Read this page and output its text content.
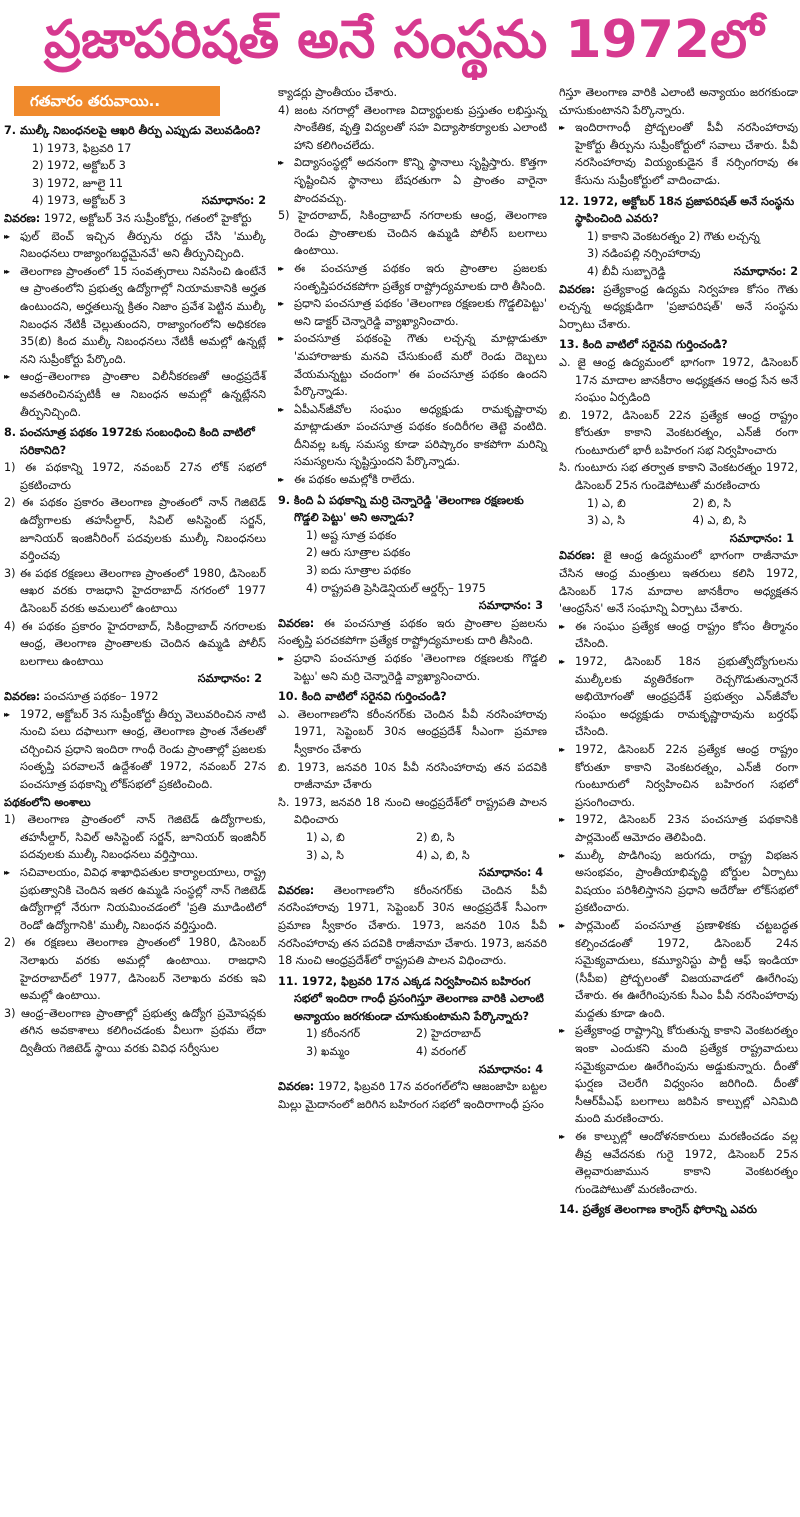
ప్రజాపరిషత్ అనే సంస్థను 1972లో
గతవారం తరువాయి..
7. ముల్కీ నిబంధనలపై ఆఖరి తీర్పు ఎప్పుడు వెలువడింది?
1) 1973, ఫిబ్రవరి 17
2) 1972, అక్టోబర్ 3
3) 1972, జూలై 11
4) 1973, అక్టోబర్ 3	సమాధానం: 2
వివరణ: 1972, అక్టోబర్ 3న సుప్రీంకోర్టు, గతంలో హైకోర్టు
▸▸ ఫుల్ బెంచ్ ఇచ్చిన తీర్పును రద్దు చేసి 'ముల్కీ నిబంధనలు రాజ్యాంగబద్ధమైనవే' అని తీర్పునిచ్చింది.
▸▸ తెలంగాణ ప్రాంతంలో 15 సంవత్సరాలు నివసించి ఉంటేనే ఆ ప్రాంతంలోని ప్రభుత్వ ఉద్యోగాల్లో నియామకానికి అర్హత ఉంటుందని, అర్హతలున్న క్రితం నిజాం ప్రవేశ పెట్టిన ముల్కీ నిబంధన నేటికీ చెల్లుతుందని, రాజ్యాంగంలోని అధికరణ 35(బి) కింద ముల్కీ నిబంధనలు నేటికీ అమల్లో ఉన్నట్లే నని సుప్రీంకోర్టు పేర్కొంది.
▸▸ ఆంధ్ర–తెలంగాణ ప్రాంతాల విలీనీకరణతో ఆంధ్రప్రదేశ్ అవతరించినప్పటికీ ఆ నిబంధన అమల్లో ఉన్నట్లేనని తీర్పునిచ్చింది.
8. పంచసూత్ర పథకం 1972కు సంబంధించి కింది వాటిలో సరికానిది?
1) ఈ పథకాన్ని 1972, నవంబర్ 27న లోక్ సభలో ప్రకటించారు
2) ఈ పథకం ప్రకారం తెలంగాణ ప్రాంతంలో నాన్ గెజిటెడ్ ఉద్యోగాలకు తహసీల్దార్, సివిల్ అసిస్టెంట్ సర్జన్, జూనియర్ ఇంజినీరింగ్ పదవులకు ముల్కీ నిబంధనలు వర్తించవు
3) ఈ పథక రక్షణలు తెలంగాణ ప్రాంతంలో 1980, డిసెంబర్ ఆఖర వరకు రాజధాని హైదరాబాద్ నగరంలో 1977 డిసెంబర్ వరకు అమలులో ఉంటాయి
4) ఈ పథకం ప్రకారం హైదరాబాద్, సికింద్రాబాద్ నగరాలకు ఆంధ్ర, తెలంగాణ ప్రాంతాలకు చెందిన ఉమ్మడి పోలీస్ బలగాలు ఉంటాయి
సమాధానం: 2
వివరణ: పంచసూత్ర పథకం– 1972
▸▸ 1972, అక్టోబర్ 3న సుప్రీంకోర్టు తీర్పు వెలువరించిన నాటి నుంచి పలు దఫాలుగా ఆంధ్ర, తెలంగాణ ప్రాంత నేతలతో చర్చించిన ప్రధాని ఇందిరా గాంధీ రెండు ప్రాంతాల్లో ప్రజలకు సంతృప్తి పరవాలనే ఉద్దేశంతో 1972, నవంబర్ 27న పంచసూత్ర పథకాన్ని లోక్‌సభలో ప్రకటించింది.
పథకంలోని అంశాలు
1) తెలంగాణ ప్రాంతంలో నాన్ గెజిటెడ్ ఉద్యోగాలకు, తహసీల్దార్, సివిల్ అసిస్టెంట్ సర్జన్, జూనియర్ ఇంజినీర్ పదవులకు ముల్కీ నిబంధనలు వర్తిస్తాయి.
▸▸ సచివాలయం, వివిధ శాఖాధిపతుల కార్యాలయాలు, రాష్ట్ర ప్రభుత్వానికి చెందిన ఇతర ఉమ్మడి సంస్థల్లో నాన్ గెజిటెడ్ ఉద్యోగాల్లో నేరుగా నియమించడంలో 'ప్రతి మూడింటిలో రెండో ఉద్యోగానికి' ముల్కీ నిబంధన వర్తిస్తుంది.
2) ఈ రక్షణలు తెలంగాణ ప్రాంతంలో 1980, డిసెంబర్ నెలాఖరు వరకు అమల్లో ఉంటాయి. రాజధాని హైదరాబాద్‌లో 1977, డిసెంబర్ నెలాఖరు వరకు ఇవి అమల్లో ఉంటాయి.
3) ఆంధ్ర–తెలంగాణ ప్రాంతాల్లో ప్రభుత్వ ఉద్యోగ ప్రమోషన్లకు తగిన అవకాశాలు కలిగించడంకు వీలుగా ప్రథమ లేదా ద్వితీయ గెజిటెడ్ స్థాయి వరకు వివిధ సర్వీసుల
క్యాడర్లు ప్రాంతీయం చేశారు.
4) జంట నగరాల్లో తెలంగాణ విద్యార్థులకు ప్రస్తుతం లభిస్తున్న సాంకేతిక, వృత్తి విద్యలతో సహ విద్యాసౌకర్యాలకు ఎలాంటి హాని కలిగించలేదు.
▸▸ విద్యాసంస్థల్లో అదనంగా కొన్ని స్థానాలు సృష్టిస్తారు. కొత్తగా సృష్టించిన స్థానాలు బేషరతుగా ఏ ప్రాంతం వారైనా పొందవచ్చు.
5) హైదరాబాద్, సికింద్రాబాద్ నగరాలకు ఆంధ్ర, తెలంగాణ రెండు ప్రాంతాలకు చెందిన ఉమ్మడి పోలీస్ బలగాలు ఉంటాయి.
▸▸ ఈ పంచసూత్ర పథకం ఇరు ప్రాంతాల ప్రజలకు సంతృప్తిపరచకపోగా ప్రత్యేక రాష్ట్రోద్యమాలకు దారి తీసింది.
▸▸ ప్రధాని పంచసూత్ర పథకం 'తెలంగాణ రక్షణలకు గొడ్డలిపెట్టు' అని డాక్టర్ చెన్నారెడ్డి వ్యాఖ్యానించారు.
▸▸ పంచసూత్ర పథకంపై గౌతు లచ్చన్న మాట్లాడుతూ 'మహారాజుకు మనవి చేసుకుంటే మరో రెండు దెబ్బలు వేయమన్నట్టు చందంగా' ఈ పంచసూత్ర పథకం ఉందని పేర్కొన్నాడు.
▸▸ ఏపీఎన్‌జీవోల సంఘం అధ్యక్షుడు రామకృష్ణారావు మాట్లాడుతూ పంచసూత్ర పథకం కందిరీగల తెట్టె వంటిది. దీనివల్ల ఒక్క సమస్య కూడా పరిష్కారం కాకపోగా మరిన్ని సమస్యలను సృష్టిస్తుందని పేర్కొన్నాడు.
▸▸ ఈ పథకం అమల్లోకి రాలేదు.
9. కింది ఏ పథకాన్ని మర్రి చెన్నారెడ్డి 'తెలంగాణ రక్షణలకు గొడ్డలి పెట్టు' అని అన్నాడు?
1) అష్ట సూత్ర పథకం
2) ఆరు సూత్రాల పథకం
3) ఐదు సూత్రాల పథకం
4) రాష్ట్రపతి ప్రెసిడెన్షియల్ ఆర్డర్స్– 1975
సమాధానం: 3
వివరణ: ఈ పంచసూత్ర పథకం ఇరు ప్రాంతాల ప్రజలను సంతృప్తి పరచకపోగా ప్రత్యేక రాష్ట్రోద్యమాలకు దారి తీసింది.
▸▸ ప్రధాని పంచసూత్ర పథకం 'తెలంగాణ రక్షణలకు గొడ్డలి పెట్టు' అని మర్రి చెన్నారెడ్డి వ్యాఖ్యానించారు.
10. కింది వాటిలో సరైనవి గుర్తించండి?
ఎ. తెలంగాణలోని కరీంనగర్‌కు చెందిన పీవీ నరసింహారావు 1971, సెప్టెంబర్ 30న ఆంధ్రప్రదేశ్ సీఎంగా ప్రమాణ స్వీకారం చేశారు
బి. 1973, జనవరి 10న పీవీ నరసింహారావు తన పదవికి రాజీనామా చేశారు
సి. 1973, జనవరి 18 నుంచి ఆంధ్రప్రదేశ్‌లో రాష్ట్రపతి పాలన విధించారు
1) ఎ, బి	2) బి, సి
3) ఎ, సి	4) ఎ, బి, సి
సమాధానం: 4
వివరణ: తెలంగాణలోని కరీంనగర్‌కు చెందిన పీవీ నరసింహారావు 1971, సెప్టెంబర్ 30న ఆంధ్రప్రదేశ్ సీఎంగా ప్రమాణ స్వీకారం చేశారు. 1973, జనవరి 10న పీవీ నరసింహారావు తన పదవికి రాజీనామా చేశారు. 1973, జనవరి 18 నుంచి ఆంధ్రప్రదేశ్‌లో రాష్ట్రపతి పాలన విధించారు.
11. 1972, ఫిబ్రవరి 17న ఎక్కడ నిర్వహించిన బహిరంగ సభలో ఇందిరా గాంధీ ప్రసంగిస్తూ తెలంగాణ వారికి ఎలాంటి అన్యాయం జరగకుండా చూసుకుంటామని పేర్కొన్నారు?
1) కరీంనగర్	2) హైదరాబాద్
3) ఖమ్మం	4) వరంగల్
సమాధానం: 4
వివరణ: 1972, ఫిబ్రవరి 17న వరంగల్‌లోని ఆజంజాహి బట్టల మిల్లు మైదానంలో జరిగిన బహిరంగ సభలో ఇందిరాగాంధీ ప్రసం
గిస్తూ తెలంగాణ వారికి ఎలాంటి అన్యాయం జరగకుండా చూసుకుంటానని పేర్కొన్నారు.
▸▸ ఇందిరాగాంధీ ప్రోద్బలంతో పీవీ నరసింహారావు హైకోర్టు తీర్పును సుప్రీంకోర్టులో సవాలు చేశారు. పీవీ నరసింహారావు వియ్యంకుడైన కే నర్సింగరావు ఈ కేసును సుప్రీంకోర్టులో వాదించాడు.
12. 1972, అక్టోబర్ 18న ప్రజాపరిషత్ అనే సంస్థను స్థాపించింది ఎవరు?
1) కాకాని వెంకటరత్నం 2) గౌతు లచ్చన్న
3) నడింపల్లి నర్సింహారావు
4) బీవీ సుబ్బారెడ్డి	సమాధానం: 2
వివరణ: ప్రత్యేకాంధ్ర ఉద్యమ నిర్వహణ కోసం గౌతు లచ్చన్న అధ్యక్షుడిగా 'ప్రజాపరిషత్' అనే సంస్థను ఏర్పాటు చేశారు.
13. కింది వాటిలో సరైనవి గుర్తించండి?
ఎ. జై ఆంధ్ర ఉద్యమంలో భాగంగా 1972, డిసెంబర్ 17న మాదాల జానకీరాం అధ్యక్షతన ఆంధ్ర సేన అనే సంఘం ఏర్పడింది
బి. 1972, డిసెంబర్ 22న ప్రత్యేక ఆంధ్ర రాష్ట్రం కోరుతూ కాకాని వెంకటరత్నం, ఎన్‌జీ రంగా గుంటూరులో భారీ బహిరంగ సభ నిర్వహించారు
సి. గుంటూరు సభ తర్వాత కాకాని వెంకటరత్నం 1972, డిసెంబర్ 25న గుండెపోటుతో మరణించారు
1) ఎ, బి	2) బి, సి
3) ఎ, సి	4) ఎ, బి, సి
సమాధానం: 1
వివరణ: జై ఆంధ్ర ఉద్యమంలో భాగంగా రాజీనామా చేసిన ఆంధ్ర మంత్రులు ఇతరులు కలిసి 1972, డిసెంబర్ 17న మాదాల జానకీరాం అధ్యక్షతన 'ఆంధ్రసేన' అనే సంఘాన్ని ఏర్పాటు చేశారు.
▸▸ ఈ సంఘం ప్రత్యేక ఆంధ్ర రాష్ట్రం కోసం తీర్మానం చేసింది.
▸▸ 1972, డిసెంబర్ 18న ప్రభుత్వోద్యోగులను ముల్కీలకు వ్యతిరేకంగా రెచ్చగొడుతున్నారనే అభియోగంతో ఆంధ్రప్రదేశ్ ప్రభుత్వం ఎన్‌జీవోల సంఘం అధ్యక్షుడు రామకృష్ణారావును బర్తరఫ్ చేసింది.
▸▸ 1972, డిసెంబర్ 22న ప్రత్యేక ఆంధ్ర రాష్ట్రం కోరుతూ కాకాని వెంకటరత్నం, ఎన్‌జీ రంగా గుంటూరులో నిర్వహించిన బహిరంగ సభలో ప్రసంగించారు.
▸▸ 1972, డిసెంబర్ 23న పంచసూత్ర పథకానికి పార్లమెంట్ ఆమోదం తెలిపింది.
▸▸ ముల్కీ పొడిగింపు జరుగదు, రాష్ట్ర విభజన అసంభవం, ప్రాంతీయాభివృద్ధి బోర్డుల ఏర్పాటు విషయం పరిశీలిస్తానని ప్రధాని అదేరోజు లోక్‌సభలో ప్రకటించారు.
▸▸ పార్లమెంట్ పంచసూత్ర ప్రణాళికకు చట్టబద్ధత కల్పించడంతో 1972, డిసెంబర్ 24న సమైక్యవాదులు, కమ్యూనిస్టు పార్టీ ఆఫ్ ఇండియా (సీపీఐ) ప్రోద్బలంతో విజయవాడలో ఊరేగింపు చేశారు. ఈ ఊరేగింపునకు సీఎం పీవీ నరసింహారావు మద్దతు కూడా ఉంది.
▸▸ ప్రత్యేకాంధ్ర రాష్ట్రాన్ని కోరుతున్న కాకాని వెంకటరత్నం ఇంకా ఎందుకని మంది ప్రత్యేక రాష్ట్రవాదులు సమైక్యవాదుల ఊరేగింపును అడ్డుకున్నారు. దీంతో ఘర్షణ చెలరేగి విధ్వంసం జరిగింది. దీంతో సీఆర్‌పీఎఫ్ బలగాలు జరిపిన కాల్పుల్లో ఎనిమిది మంది మరణించారు.
▸▸ ఈ కాల్పుల్లో ఆందోళనకారులు మరణించడం వల్ల తీవ్ర ఆవేదనకు గురై 1972, డిసెంబర్ 25న తెల్లవారుజామున కాకాని వెంకటరత్నం గుండెపోటుతో మరణించారు.
14. ప్రత్యేక తెలంగాణ కాంగ్రెస్ ఫోరాన్ని ఎవరు
